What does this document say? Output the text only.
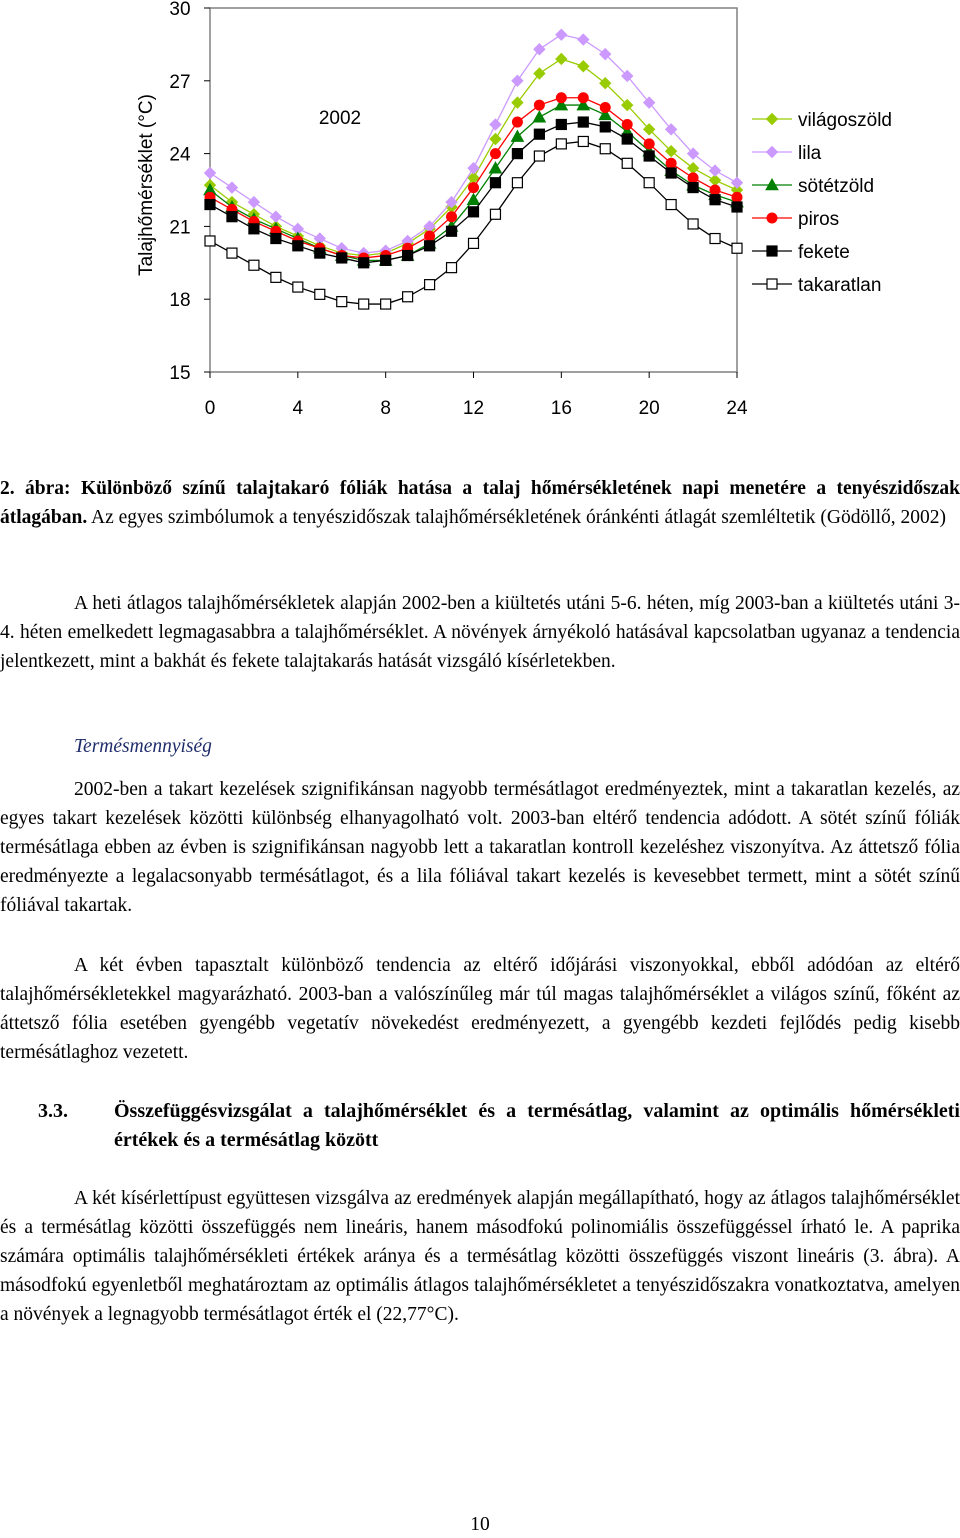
15
18
21
24
27
30
0	4	8	12	16	20	24
2002
Talajhőmérséklet (°C)	világoszöld
lila
sötétzöld
piros
fekete
takaratlan
2. ábra: Különböző színű talajtakaró fóliák hatása a talaj hőmérsékletének napi menetére a tenyészidőszak átlagában. Az egyes szimbólumok a tenyészidőszak talajhőmérsékletének óránkénti átlagát szemléltetik (Gödöllő, 2002)

A heti átlagos talajhőmérsékletek alapján 2002-ben a kiültetés utáni 5-6. héten, míg 2003-ban a kiültetés utáni 3-4. héten emelkedett legmagasabbra a talajhőmérséklet. A növények árnyékoló hatásával kapcsolatban ugyanaz a tendencia jelentkezett, mint a bakhát és fekete talajtakarás hatását vizsgáló kísérletekben.

Termésmennyiség

2002-ben a takart kezelések szignifikánsan nagyobb termésátlagot eredményeztek, mint a takaratlan kezelés, az egyes takart kezelések közötti különbség elhanyagolható volt. 2003-ban eltérő tendencia adódott. A sötét színű fóliák termésátlaga ebben az évben is szignifikánsan nagyobb lett a takaratlan kontroll kezeléshez viszonyítva. Az áttetsző fólia eredményezte a legalacsonyabb termésátlagot, és a lila fóliával takart kezelés is kevesebbet termett, mint a sötét színű fóliával takartak.

A két évben tapasztalt különböző tendencia az eltérő időjárási viszonyokkal, ebből adódóan az eltérő talajhőmérsékletekkel magyarázható. 2003-ban a valószínűleg már túl magas talajhőmérséklet a világos színű, főként az áttetsző fólia esetében gyengébb vegetatív növekedést eredményezett, a gyengébb kezdeti fejlődés pedig kisebb termésátlaghoz vezetett.

3.3. Összefüggésvizsgálat a talajhőmérséklet és a termésátlag, valamint az optimális hőmérsékleti értékek és a termésátlag között

A két kísérlettípust együttesen vizsgálva az eredmények alapján megállapítható, hogy az átlagos talajhőmérséklet és a termésátlag közötti összefüggés nem lineáris, hanem másodfokú polinomiális összefüggéssel írható le. A paprika számára optimális talajhőmérsékleti értékek aránya és a termésátlag közötti összefüggés viszont lineáris (3. ábra). A másodfokú egyenletből meghatároztam az optimális átlagos talajhőmérsékletet a tenyészidőszakra vonatkoztatva, amelyen a növények a legnagyobb termésátlagot érték el (22,77°C).

10
